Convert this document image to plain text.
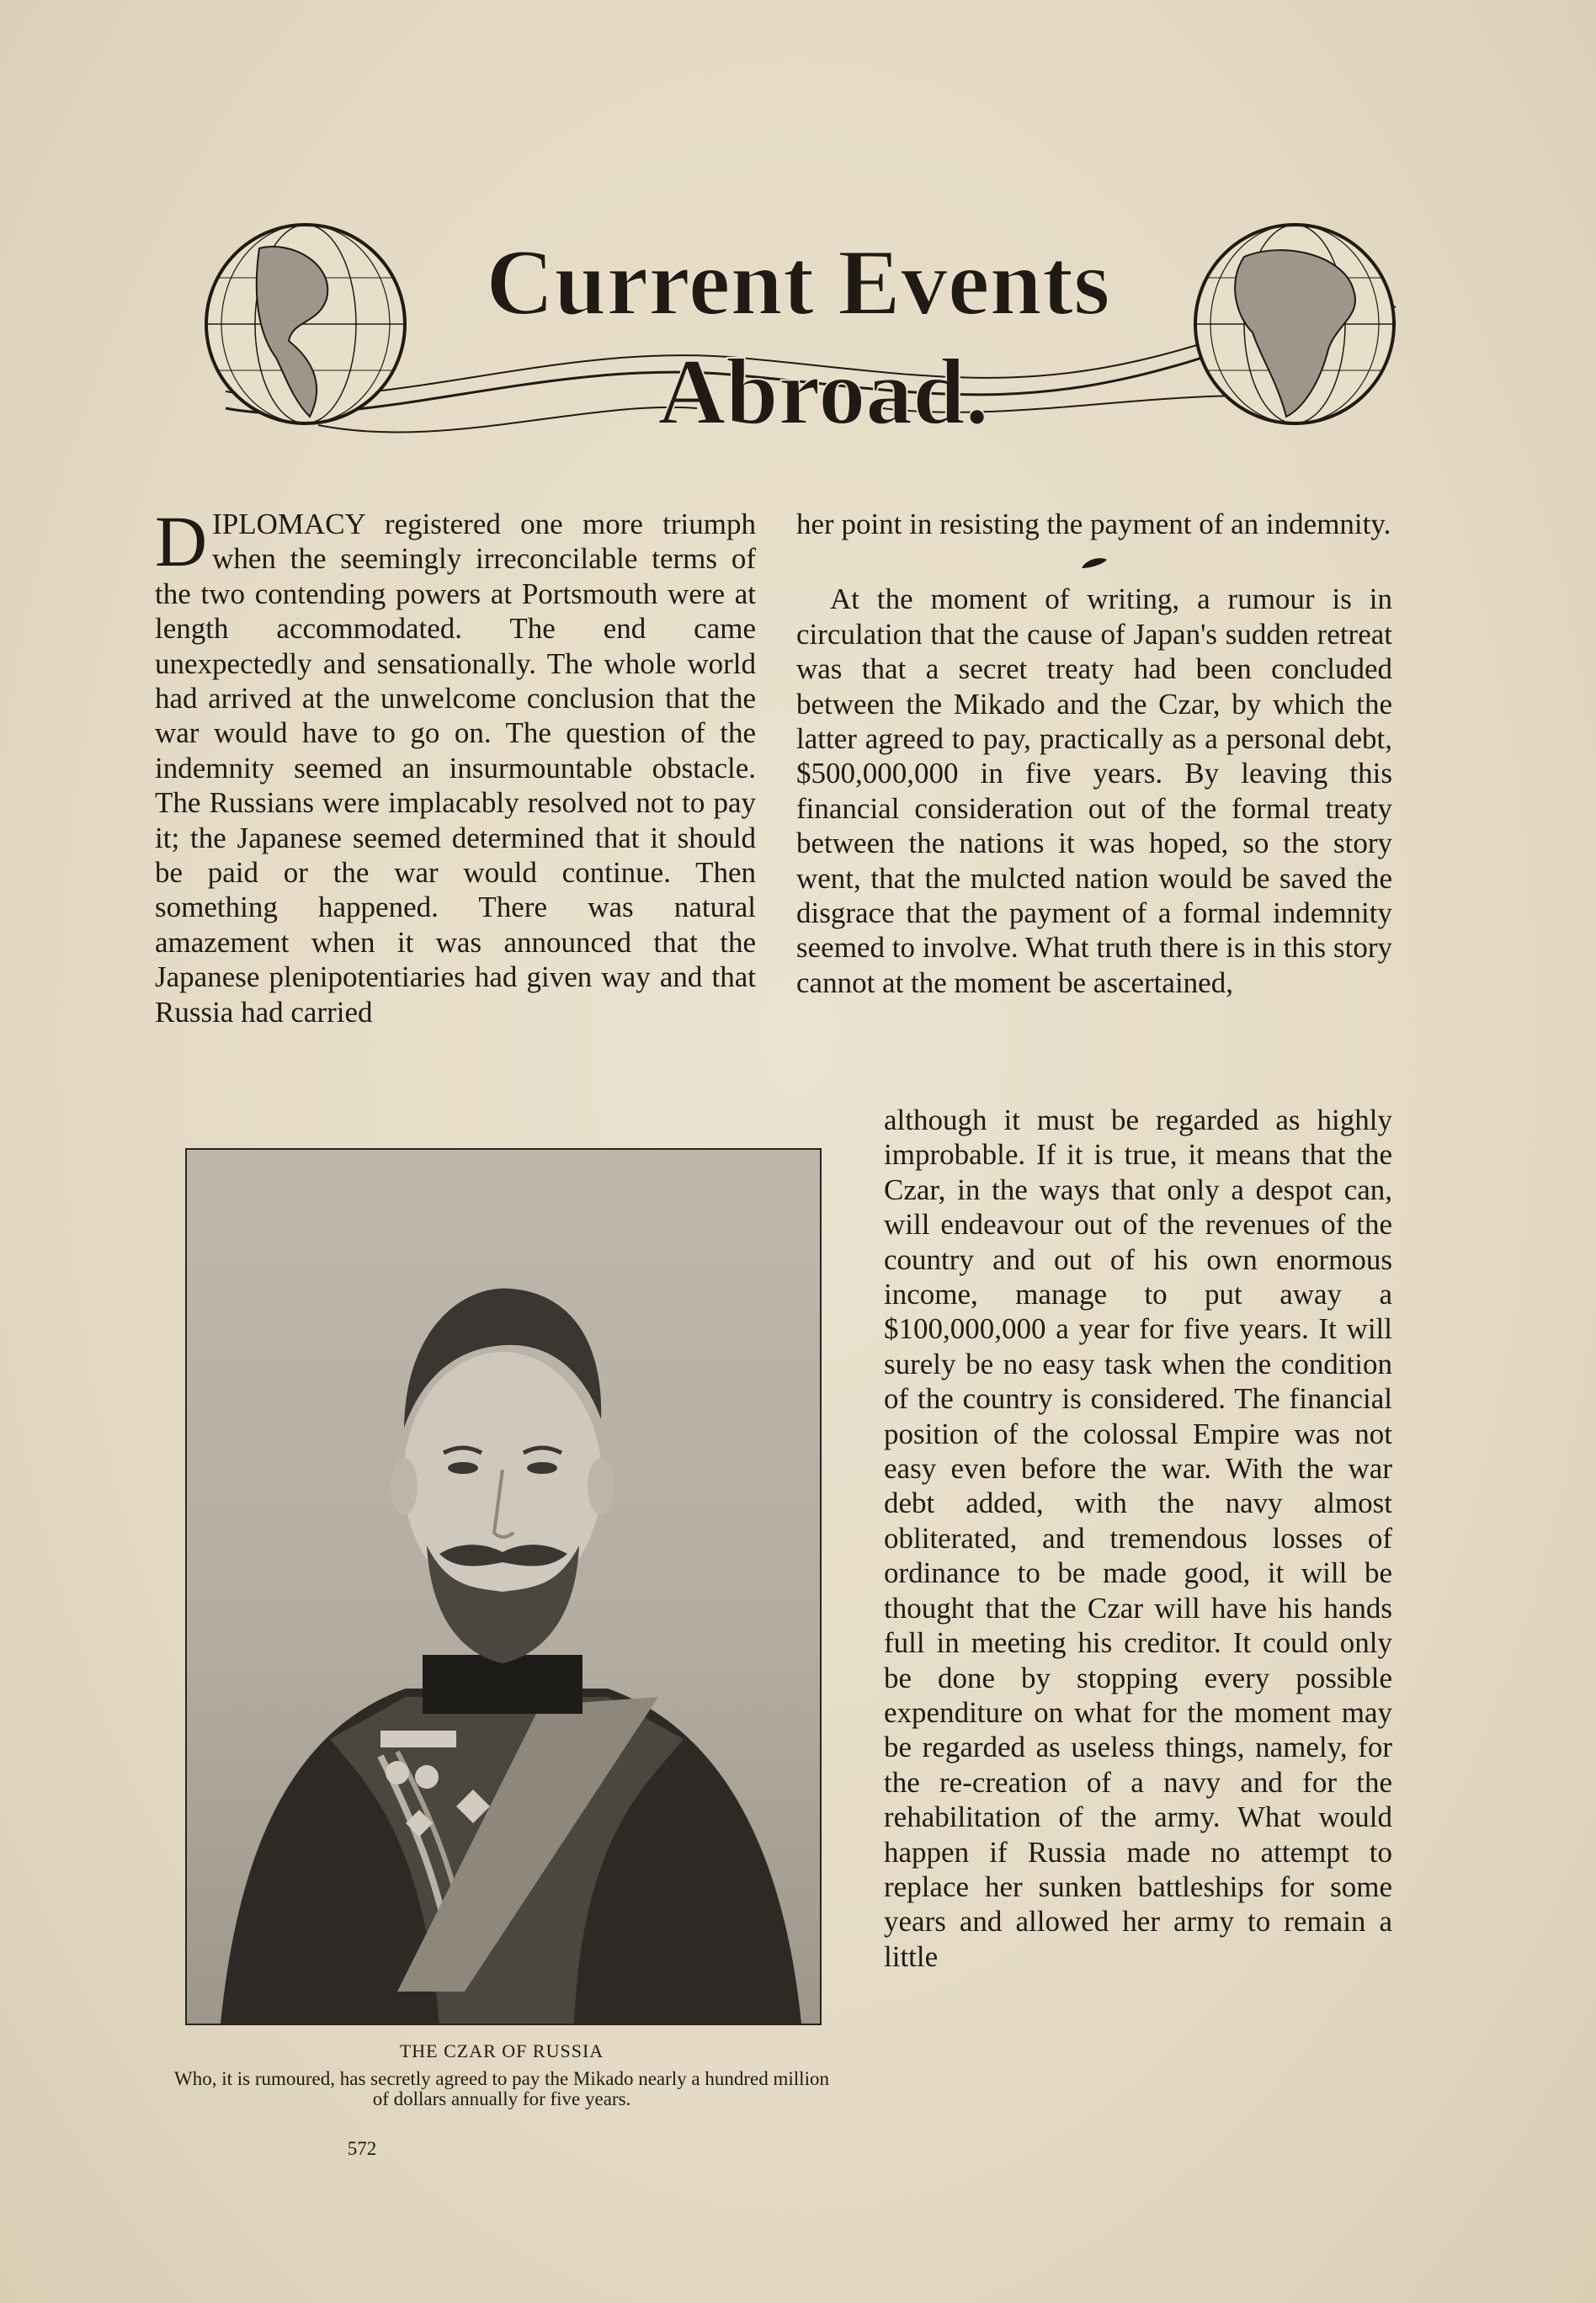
Current Events
Abroad.

DIPLOMACY registered one more triumph when the seemingly irreconcilable terms of the two contending powers at Portsmouth were at length accommodated. The end came unexpectedly and sensationally. The whole world had arrived at the unwelcome conclusion that the war would have to go on. The question of the indemnity seemed an insurmountable obstacle. The Russians were implacably resolved not to pay it; the Japanese seemed determined that it should be paid or the war would continue. Then something happened. There was natural amazement when it was announced that the Japanese plenipotentiaries had given way and that Russia had carried

her point in resisting the payment of an indemnity.

At the moment of writing, a rumour is in circulation that the cause of Japan's sudden retreat was that a secret treaty had been concluded between the Mikado and the Czar, by which the latter agreed to pay, practically as a personal debt, $500,000,000 in five years. By leaving this financial consideration out of the formal treaty between the nations it was hoped, so the story went, that the mulcted nation would be saved the disgrace that the payment of a formal indemnity seemed to involve. What truth there is in this story cannot at the moment be ascertained,

although it must be regarded as highly improbable. If it is true, it means that the Czar, in the ways that only a despot can, will endeavour out of the revenues of the country and out of his own enormous income, manage to put away a $100,000,000 a year for five years. It will surely be no easy task when the condition of the country is considered. The financial position of the colossal Empire was not easy even before the war. With the war debt added, with the navy almost obliterated, and tremendous losses of ordinance to be made good, it will be thought that the Czar will have his hands full in meeting his creditor. It could only be done by stopping every possible expenditure on what for the moment may be regarded as useless things, namely, for the re-creation of a navy and for the rehabilitation of the army. What would happen if Russia made no attempt to replace her sunken battleships for some years and allowed her army to remain a little

THE CZAR OF RUSSIA
Who, it is rumoured, has secretly agreed to pay the Mikado nearly a hundred million of dollars annually for five years.
572
